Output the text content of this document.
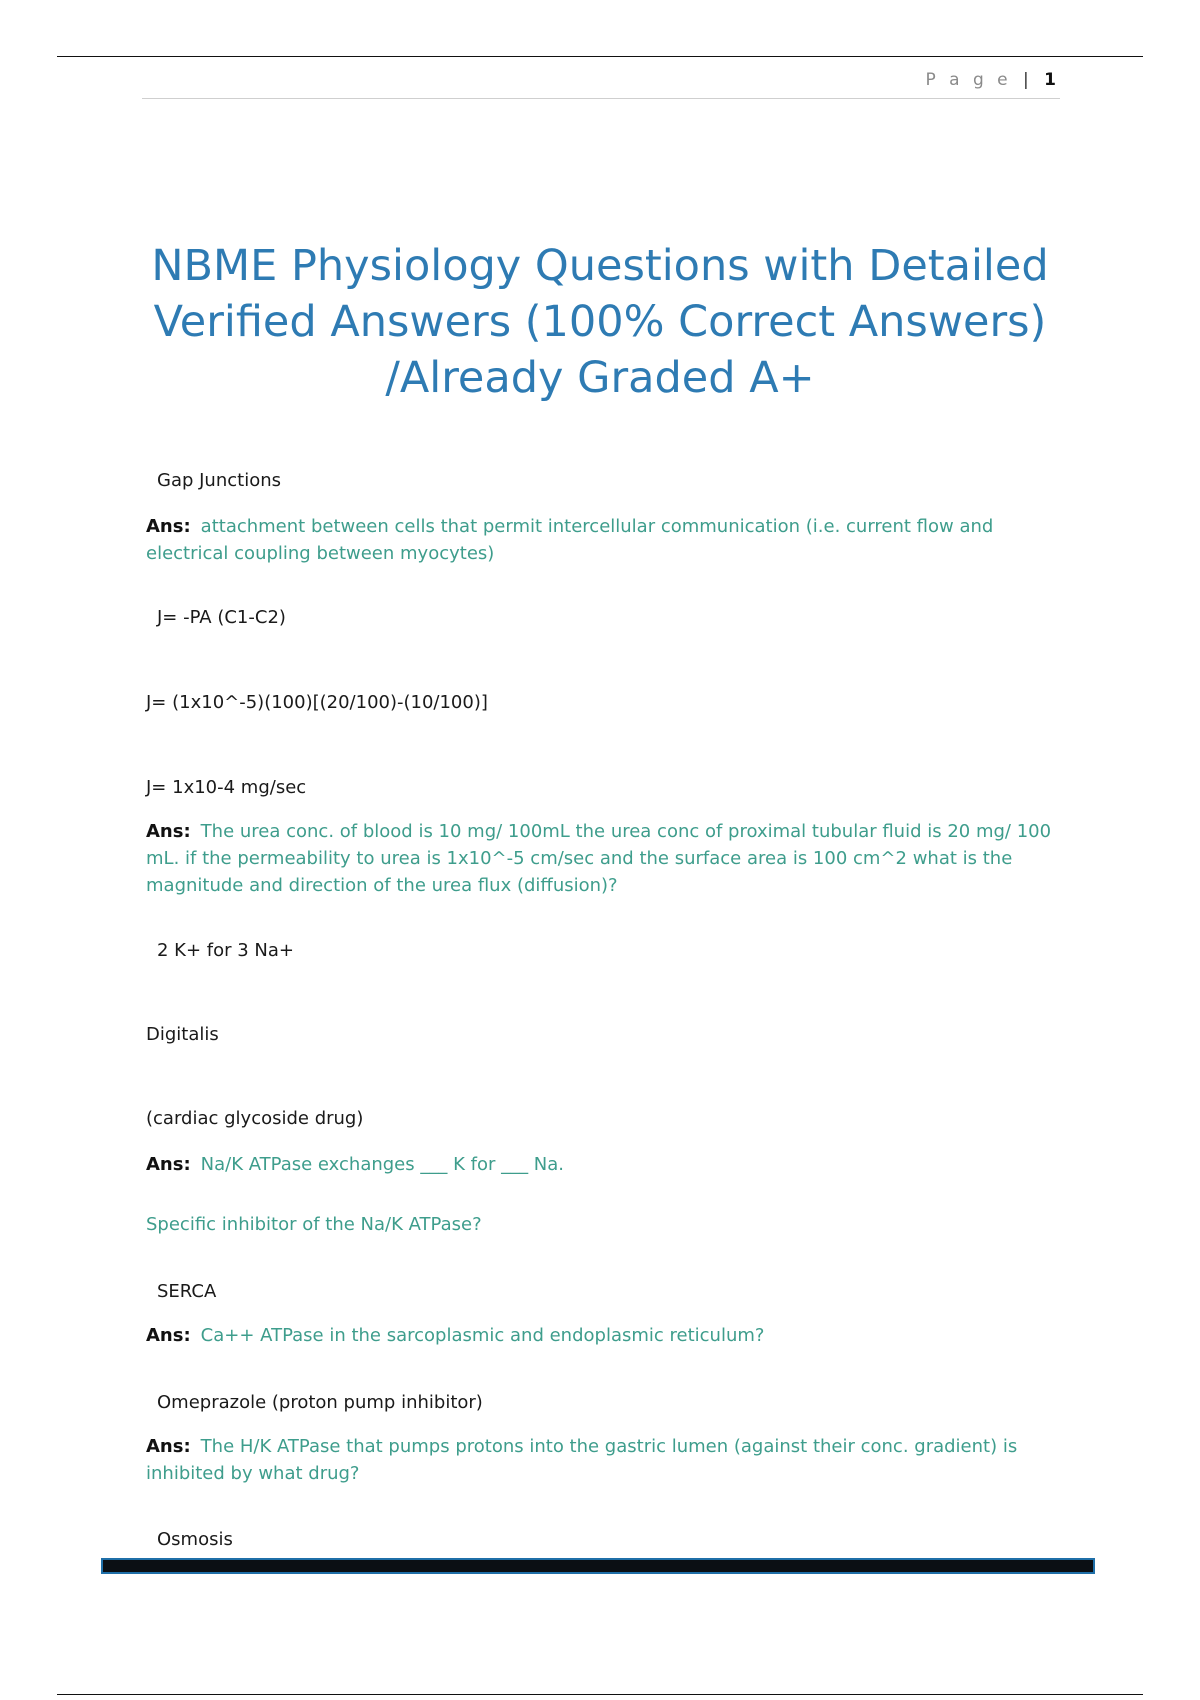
P a g e | 1
NBME Physiology Questions with Detailed
Verified Answers (100% Correct Answers)
/Already Graded A+
Gap Junctions
Ans: attachment between cells that permit intercellular communication (i.e. current flow and electrical coupling between myocytes)
J= -PA (C1-C2)
J= (1x10^-5)(100)[(20/100)-(10/100)]
J= 1x10-4 mg/sec
Ans: The urea conc. of blood is 10 mg/ 100mL the urea conc of proximal tubular fluid is 20 mg/ 100 mL. if the permeability to urea is 1x10^-5 cm/sec and the surface area is 100 cm^2 what is the magnitude and direction of the urea flux (diffusion)?
2 K+ for 3 Na+
Digitalis
(cardiac glycoside drug)
Ans: Na/K ATPase exchanges ___ K for ___ Na.
Specific inhibitor of the Na/K ATPase?
SERCA
Ans: Ca++ ATPase in the sarcoplasmic and endoplasmic reticulum?
Omeprazole (proton pump inhibitor)
Ans: The H/K ATPase that pumps protons into the gastric lumen (against their conc. gradient) is inhibited by what drug?
Osmosis
